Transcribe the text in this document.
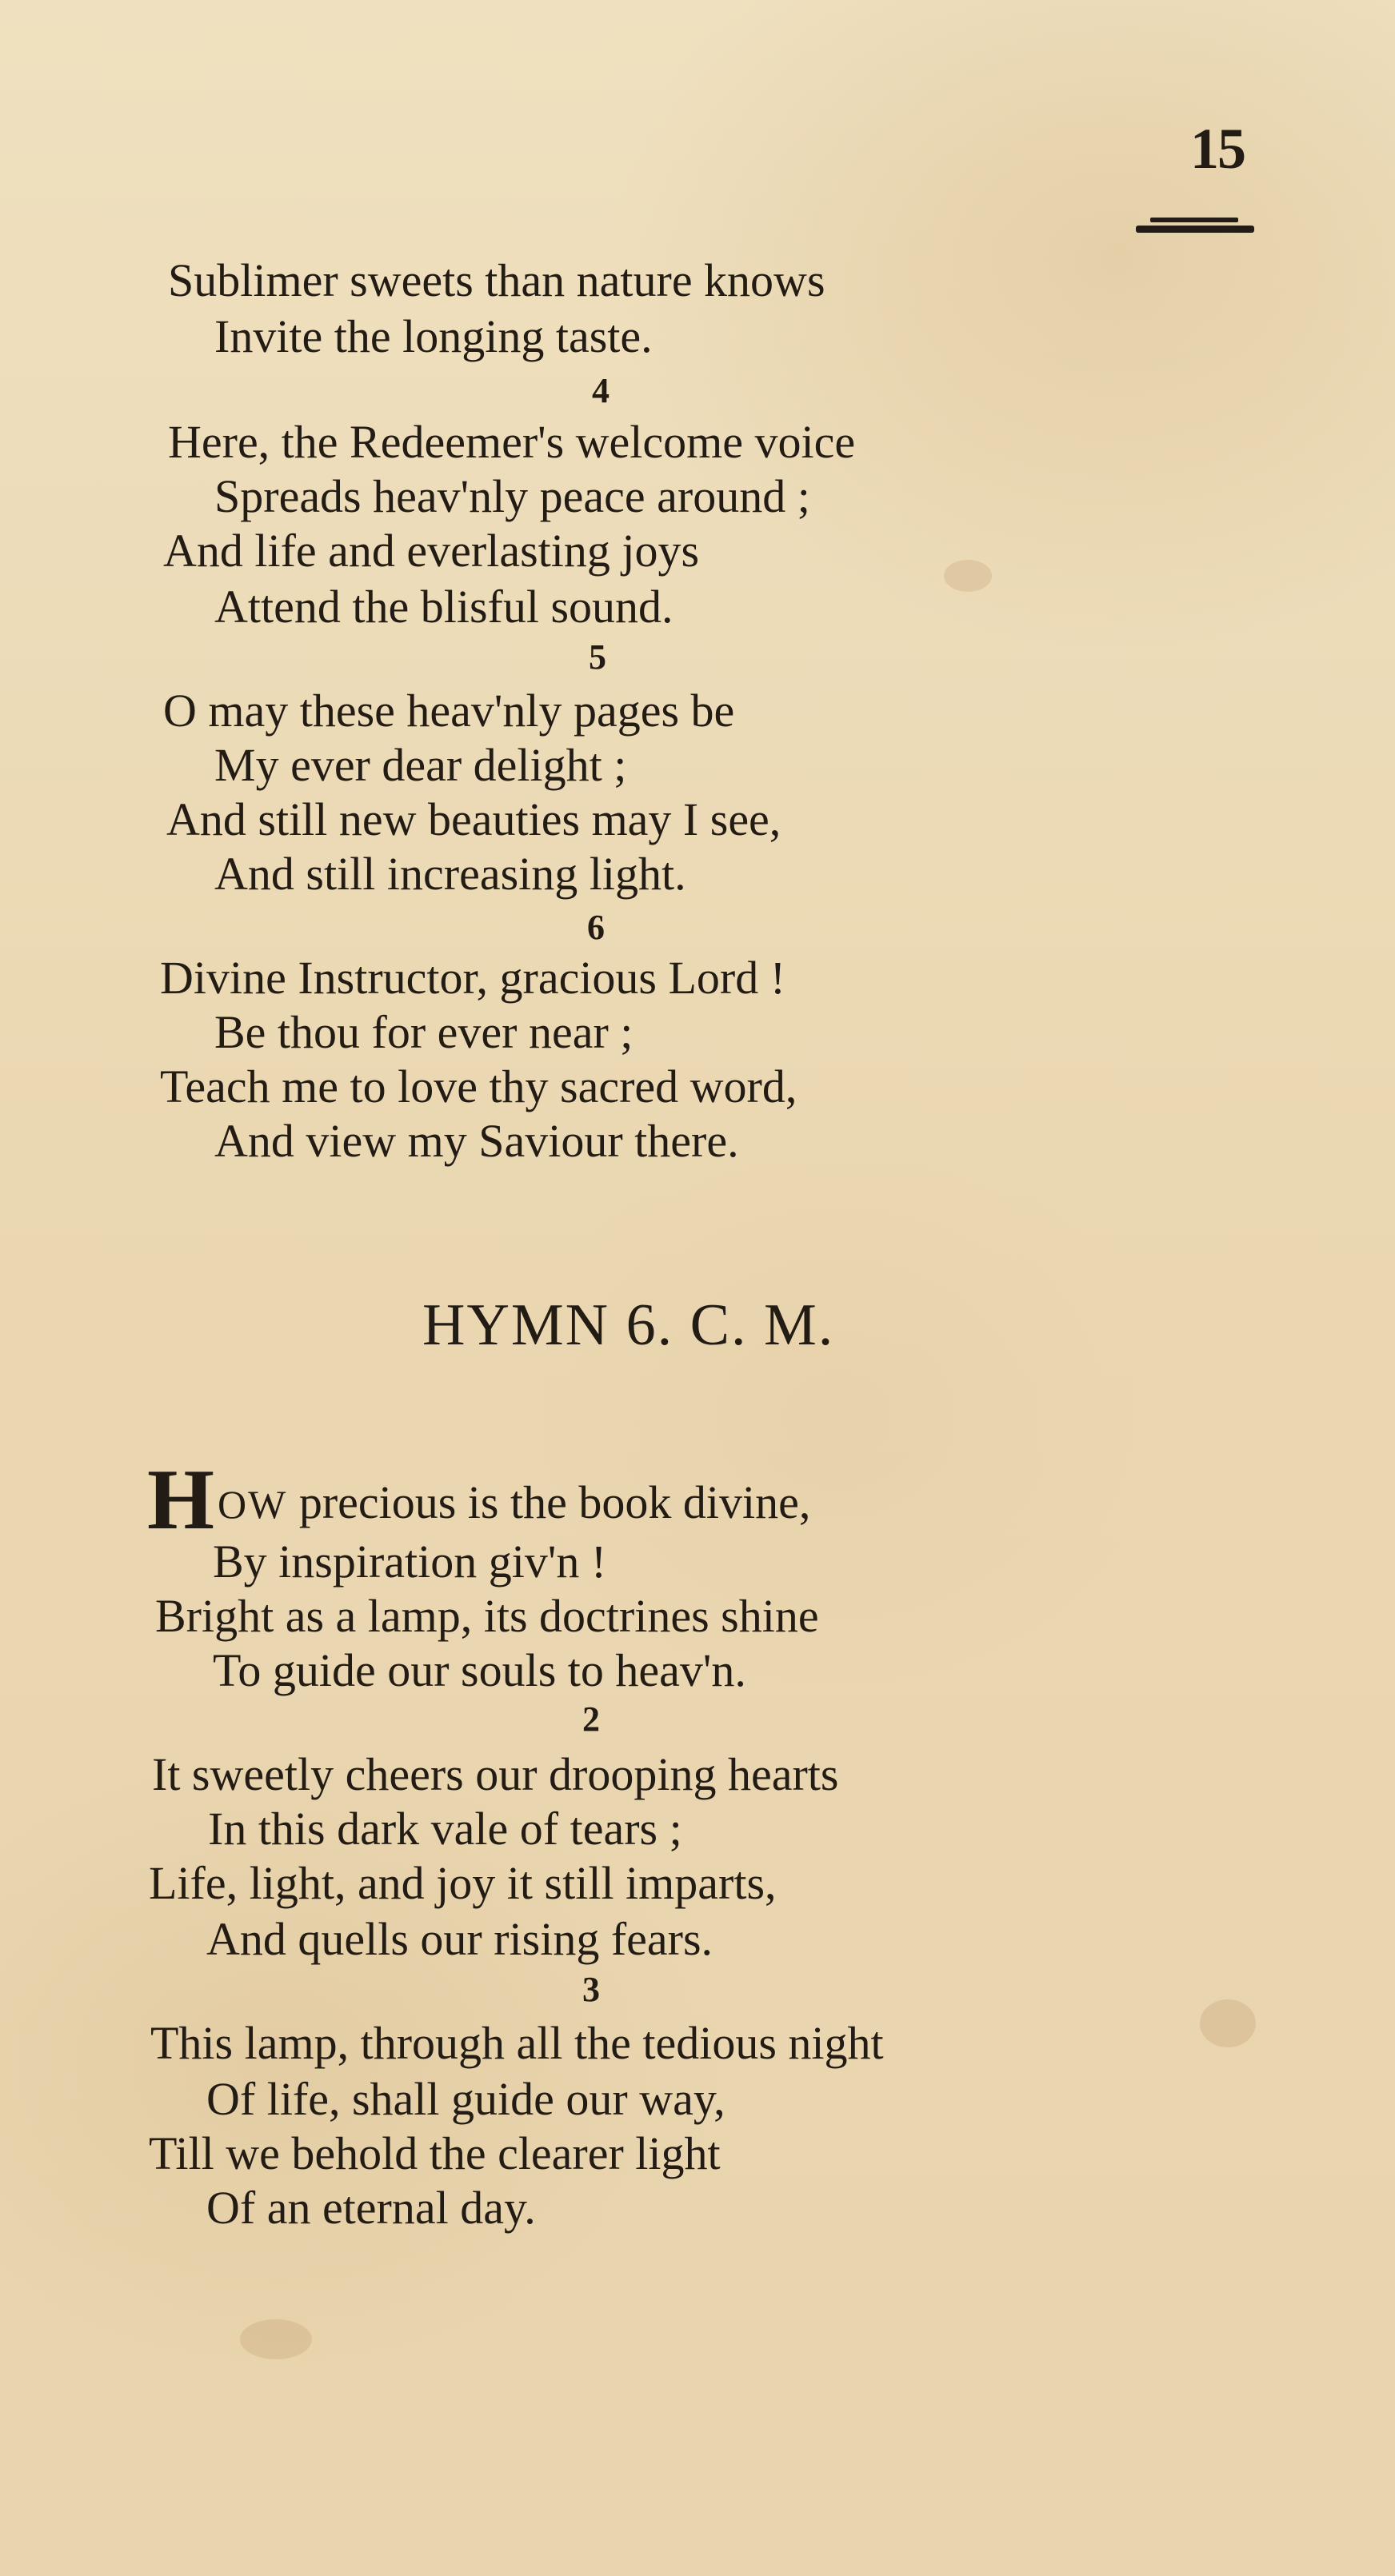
15
Sublimer sweets than nature knows
Invite the longing taste.
4
Here, the Redeemer's welcome voice
Spreads heav'nly peace around ;
And life and everlasting joys
Attend the blisful sound.
5
O may these heav'nly pages be
My ever dear delight ;
And still new beauties may I see,
And still increasing light.
6
Divine Instructor, gracious Lord !
Be thou for ever near ;
Teach me to love thy sacred word,
And view my Saviour there.
HYMN 6. C. M.
H OW precious is the book divine,
By inspiration giv'n !
Bright as a lamp, its doctrines shine
To guide our souls to heav'n.
2
It sweetly cheers our drooping hearts
In this dark vale of tears ;
Life, light, and joy it still imparts,
And quells our rising fears.
3
This lamp, through all the tedious night
Of life, shall guide our way,
Till we behold the clearer light
Of an eternal day.
